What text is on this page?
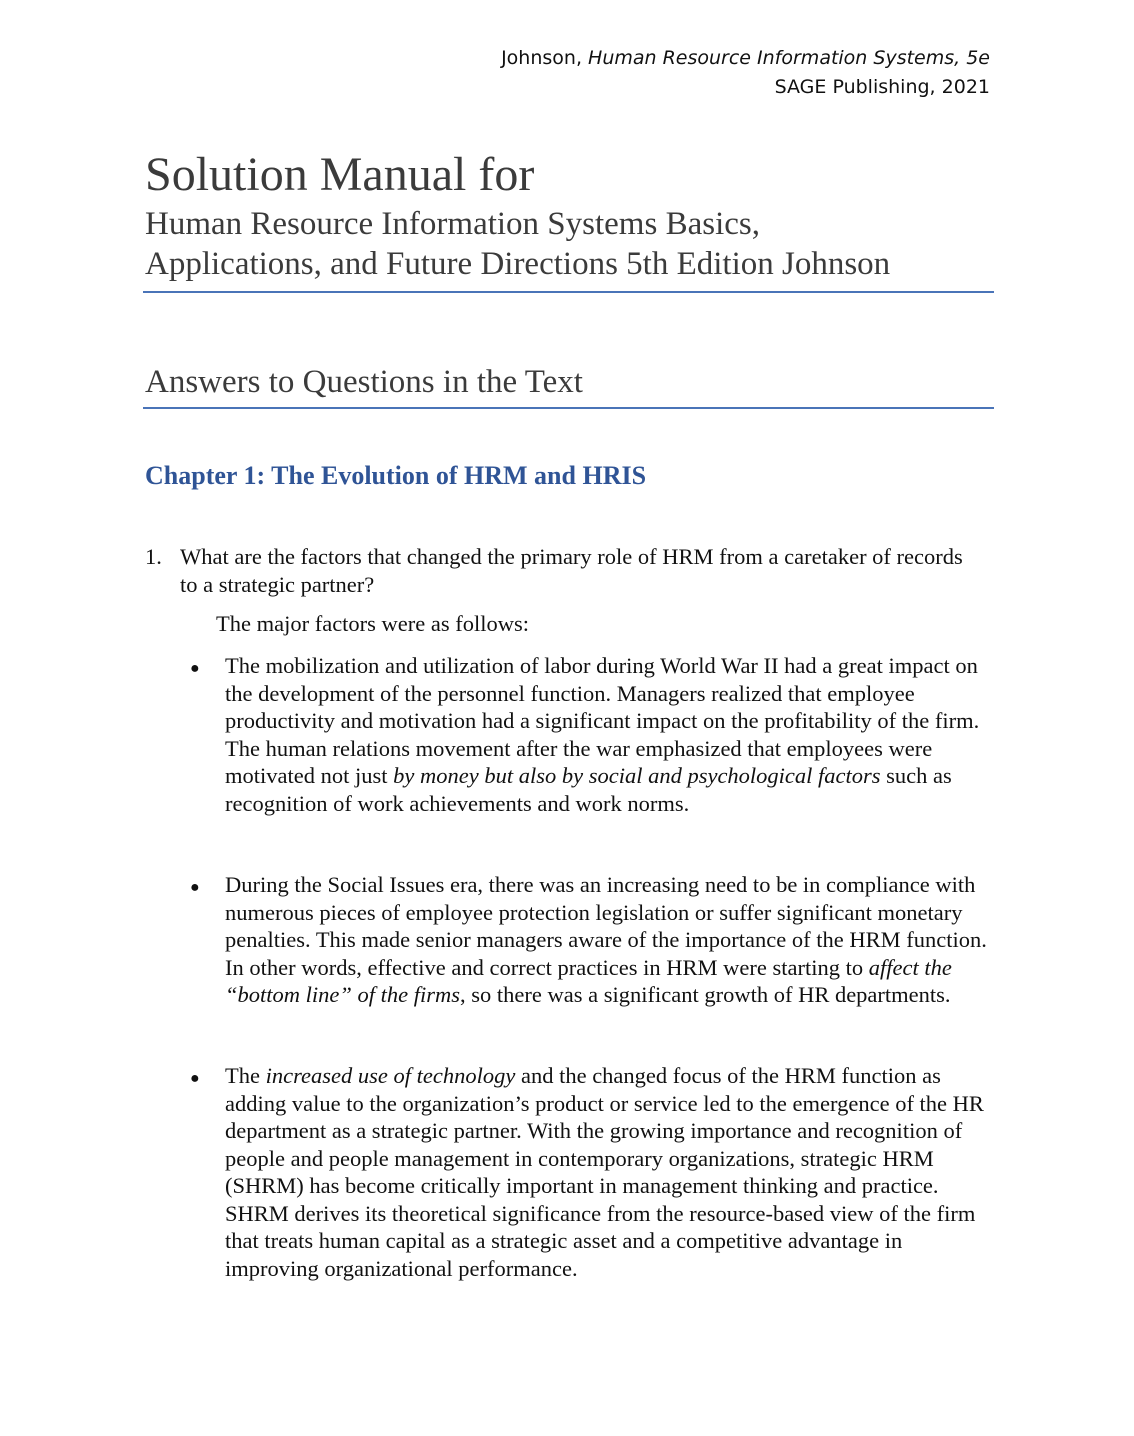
Johnson, Human Resource Information Systems, 5e
SAGE Publishing, 2021
Solution Manual for
Human Resource Information Systems Basics,
Applications, and Future Directions 5th Edition Johnson
Answers to Questions in the Text
Chapter 1: The Evolution of HRM and HRIS
1. What are the factors that changed the primary role of HRM from a caretaker of records to a strategic partner?
The major factors were as follows:
● The mobilization and utilization of labor during World War II had a great impact on the development of the personnel function. Managers realized that employee productivity and motivation had a significant impact on the profitability of the firm. The human relations movement after the war emphasized that employees were motivated not just by money but also by social and psychological factors such as recognition of work achievements and work norms.
● During the Social Issues era, there was an increasing need to be in compliance with numerous pieces of employee protection legislation or suffer significant monetary penalties. This made senior managers aware of the importance of the HRM function. In other words, effective and correct practices in HRM were starting to affect the “bottom line” of the firms, so there was a significant growth of HR departments.
● The increased use of technology and the changed focus of the HRM function as adding value to the organization’s product or service led to the emergence of the HR department as a strategic partner. With the growing importance and recognition of people and people management in contemporary organizations, strategic HRM (SHRM) has become critically important in management thinking and practice. SHRM derives its theoretical significance from the resource-based view of the firm that treats human capital as a strategic asset and a competitive advantage in improving organizational performance.
